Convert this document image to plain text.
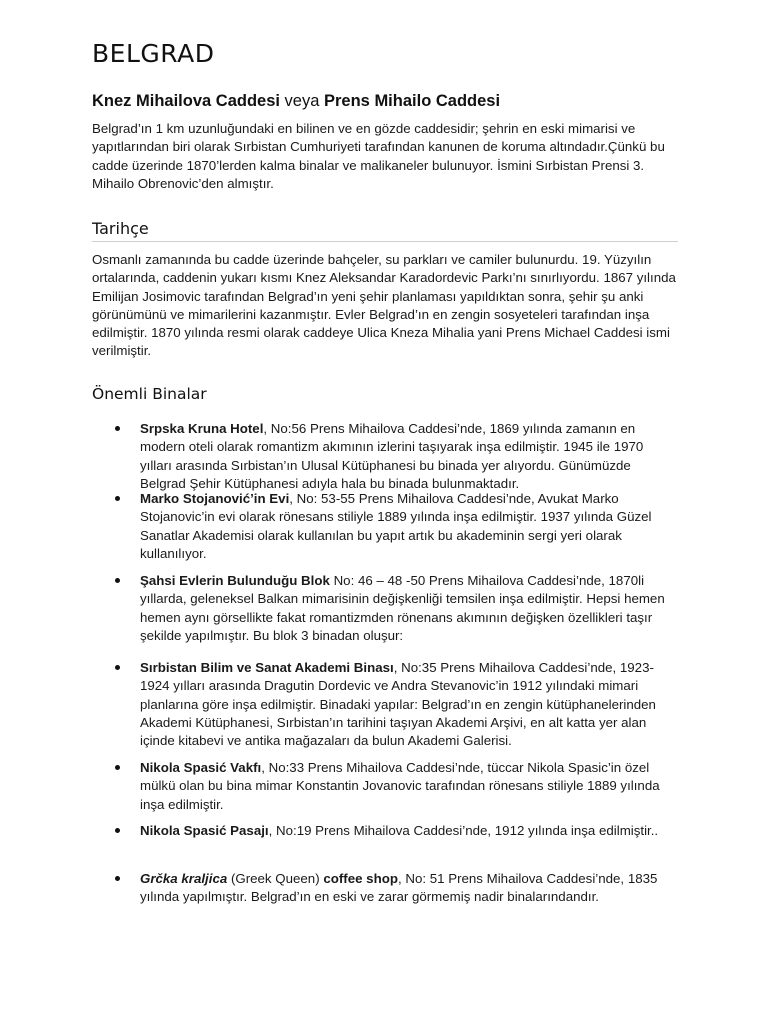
BELGRAD
Knez Mihailova Caddesi veya Prens Mihailo Caddesi

Belgrad’ın 1 km uzunluğundaki en bilinen ve en gözde caddesidir; şehrin en eski mimarisi ve yapıtlarından biri olarak Sırbistan Cumhuriyeti tarafından kanunen de koruma altındadır.Çünkü bu cadde üzerinde 1870’lerden kalma binalar ve malikaneler bulunuyor. İsmini Sırbistan Prensi 3. Mihailo Obrenovic’den almıştır.

Tarihçe

Osmanlı zamanında bu cadde üzerinde bahçeler, su parkları ve camiler bulunurdu. 19. Yüzyılın ortalarında, caddenin yukarı kısmı Knez Aleksandar Karadordevic Parkı’nı sınırlıyordu. 1867 yılında Emilijan Josimovic tarafından Belgrad’ın yeni şehir planlaması yapıldıktan sonra, şehir şu anki görünümünü ve mimarilerini kazanmıştır. Evler Belgrad’ın en zengin sosyeteleri tarafından inşa edilmiştir. 1870 yılında resmi olarak caddeye Ulica Kneza Mihalia yani Prens Michael Caddesi ismi verilmiştir.

Önemli Binalar
Srpska Kruna Hotel, No:56 Prens Mihailova Caddesi’nde, 1869 yılında zamanın en modern oteli olarak romantizm akımının izlerini taşıyarak inşa edilmiştir. 1945 ile 1970 yılları arasında Sırbistan’ın Ulusal Kütüphanesi bu binada yer alıyordu. Günümüzde Belgrad Şehir Kütüphanesi adıyla hala bu binada bulunmaktadır.
Marko Stojanović’in Evi, No: 53-55 Prens Mihailova Caddesi’nde, Avukat Marko Stojanovic’in evi olarak rönesans stiliyle 1889 yılında inşa edilmiştir. 1937 yılında Güzel Sanatlar Akademisi olarak kullanılan bu yapıt artık bu akademinin sergi yeri olarak kullanılıyor.
Şahsi Evlerin Bulunduğu Blok No: 46 – 48 -50 Prens Mihailova Caddesi’nde, 1870li yıllarda, geleneksel Balkan mimarisinin değişkenliği temsilen inşa edilmiştir. Hepsi hemen hemen aynı görsellikte fakat romantizmden rönenans akımının değişken özellikleri taşır şekilde yapılmıştır. Bu blok 3 binadan oluşur:
Sırbistan Bilim ve Sanat Akademi Binası, No:35 Prens Mihailova Caddesi’nde, 1923-1924 yılları arasında Dragutin Dordevic ve Andra Stevanovic’in 1912 yılındaki mimari planlarına göre inşa edilmiştir. Binadaki yapılar: Belgrad’ın en zengin kütüphanelerinden Akademi Kütüphanesi, Sırbistan’ın tarihini taşıyan Akademi Arşivi, en alt katta yer alan içinde kitabevi ve antika mağazaları da bulun Akademi Galerisi.
Nikola Spasić Vakfı, No:33 Prens Mihailova Caddesi’nde, tüccar Nikola Spasic’in özel mülkü olan bu bina mimar Konstantin Jovanovic tarafından rönesans stiliyle 1889 yılında inşa edilmiştir.
Nikola Spasić Pasajı, No:19 Prens Mihailova Caddesi’nde, 1912 yılında inşa edilmiştir..
Grčka kraljica (Greek Queen) coffee shop, No: 51 Prens Mihailova Caddesi’nde, 1835 yılında yapılmıştır. Belgrad’ın en eski ve zarar görmemiş nadir binalarındandır.
